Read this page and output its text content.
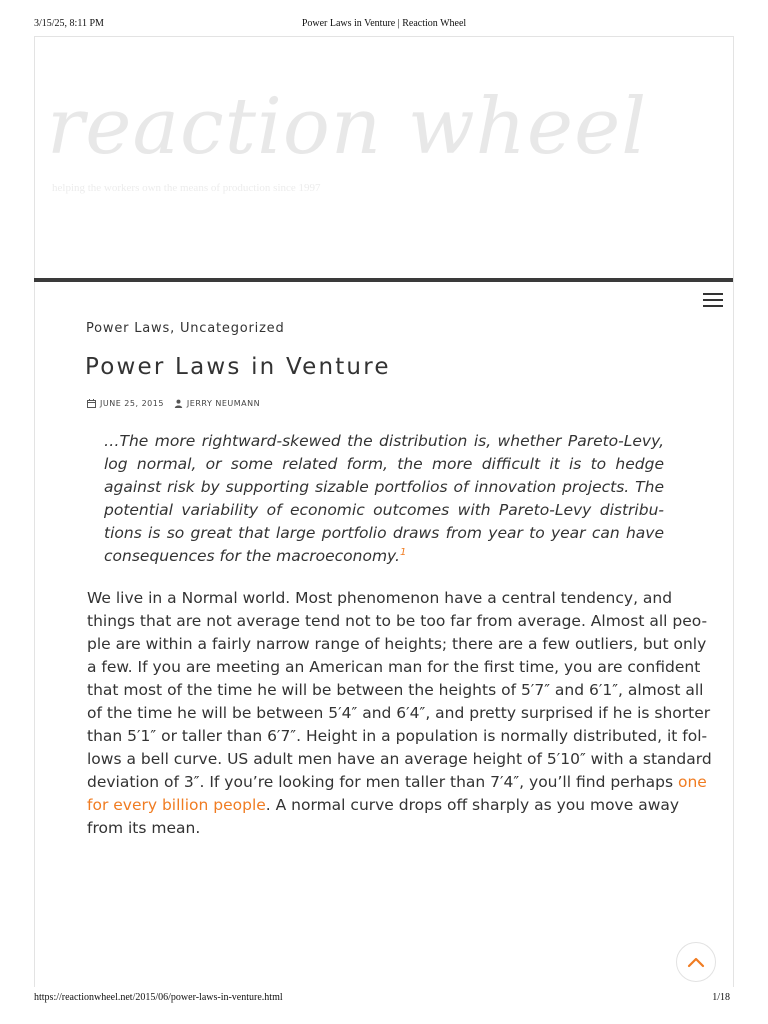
3/15/25, 8:11 PM	Power Laws in Venture | Reaction Wheel
reaction wheel
helping the workers own the means of production since 1997
Power Laws, Uncategorized
Power Laws in Venture
JUNE 25, 2015	JERRY NEUMANN
…The more rightward-skewed the distribution is, whether Pareto-Levy,
log normal, or some related form, the more difficult it is to hedge
against risk by supporting sizable portfolios of innovation projects. The
potential variability of economic outcomes with Pareto-Levy distribu-
tions is so great that large portfolio draws from year to year can have
consequences for the macroeconomy.$^1$
We live in a Normal world. Most phenomenon have a central tendency, and
things that are not average tend not to be too far from average. Almost all peo-
ple are within a fairly narrow range of heights; there are a few outliers, but only
a few. If you are meeting an American man for the first time, you are confident
that most of the time he will be between the heights of 5′7″ and 6′1″, almost all
of the time he will be between 5′4″ and 6′4″, and pretty surprised if he is shorter
than 5′1″ or taller than 6′7″. Height in a population is normally distributed, it fol-
lows a bell curve. US adult men have an average height of 5′10″ with a standard
deviation of 3″. If you’re looking for men taller than 7′4″, you’ll find perhaps one
for every billion people. A normal curve drops off sharply as you move away
from its mean.
https://reactionwheel.net/2015/06/power-laws-in-venture.html	1/18
